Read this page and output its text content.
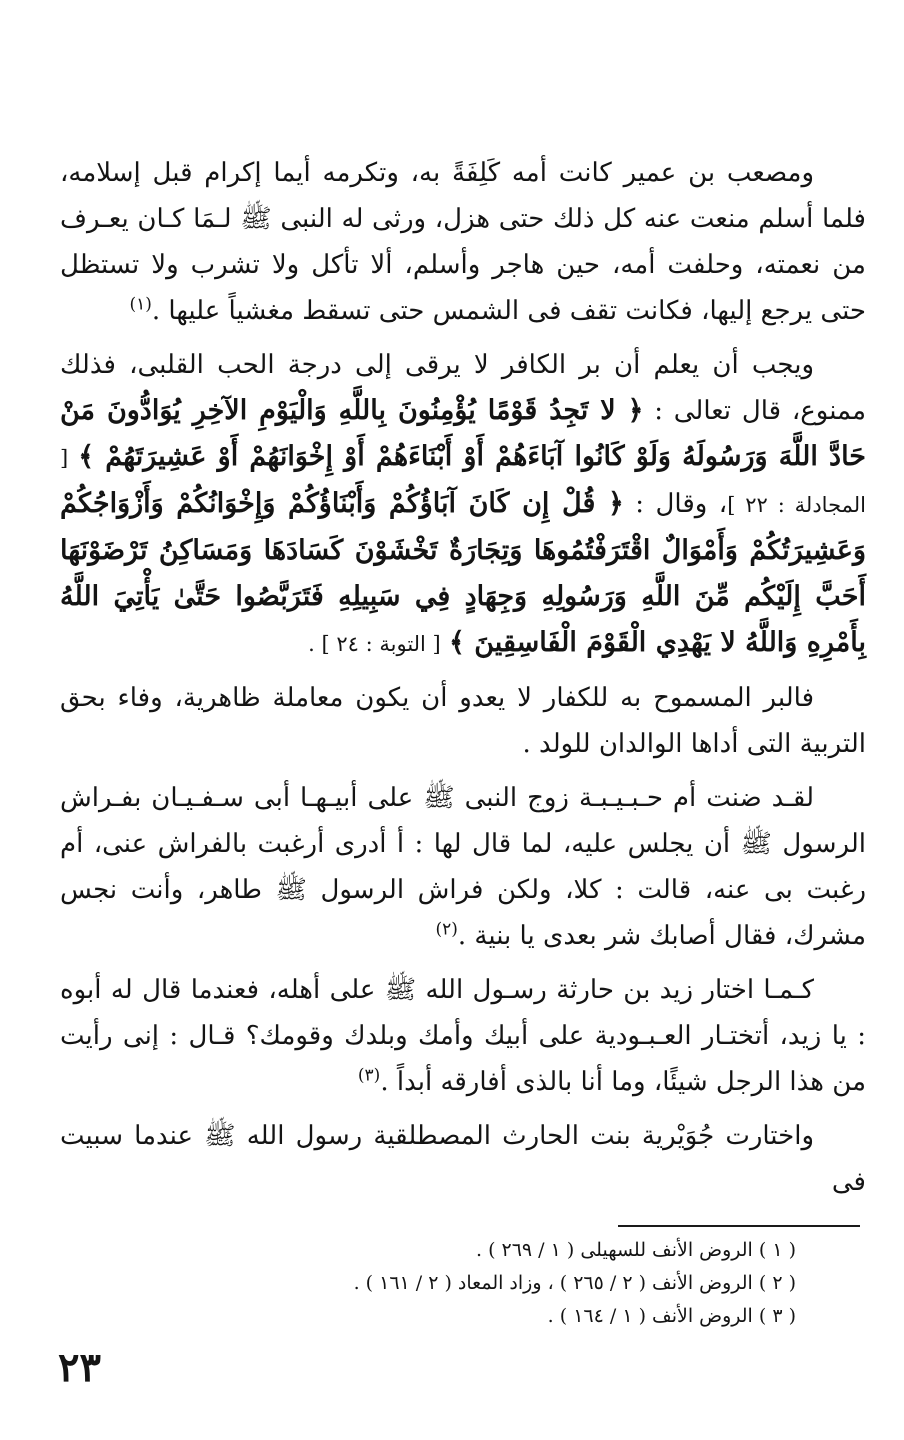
ومصعب بن عمير كانت أمه كَلِفَةً به، وتكرمه أيما إكرام قبل إسلامه، فلما أسلم منعت عنه كل ذلك حتى هزل، ورثى له النبى ﷺ لـمَا كـان يعـرف من نعمته، وحلفت أمه، حين هاجر وأسلم، ألا تأكل ولا تشرب ولا تستظل حتى يرجع إليها، فكانت تقف فى الشمس حتى تسقط مغشياً عليها .$^{(١)}$

ويجب أن يعلم أن بر الكافر لا يرقى إلى درجة الحب القلبى، فذلك ممنوع، قال تعالى : ﴿ لا تَجِدُ قَوْمًا يُؤْمِنُونَ بِاللَّهِ وَالْيَوْمِ الآخِرِ يُوَادُّونَ مَنْ حَادَّ اللَّهَ وَرَسُولَهُ وَلَوْ كَانُوا آبَاءَهُمْ أَوْ أَبْنَاءَهُمْ أَوْ إِخْوَانَهُمْ أَوْ عَشِيرَتَهُمْ ﴾ [ المجادلة : ٢٢ ]، وقال : ﴿ قُلْ إِن كَانَ آبَاؤُكُمْ وَأَبْنَاؤُكُمْ وَإِخْوَانُكُمْ وَأَزْوَاجُكُمْ وَعَشِيرَتُكُمْ وَأَمْوَالٌ اقْتَرَفْتُمُوهَا وَتِجَارَةٌ تَخْشَوْنَ كَسَادَهَا وَمَسَاكِنُ تَرْضَوْنَهَا أَحَبَّ إِلَيْكُم مِّنَ اللَّهِ وَرَسُولِهِ وَجِهَادٍ فِي سَبِيلِهِ فَتَرَبَّصُوا حَتَّىٰ يَأْتِيَ اللَّهُ بِأَمْرِهِ وَاللَّهُ لا يَهْدِي الْقَوْمَ الْفَاسِقِينَ ﴾ [ التوبة : ٢٤ ] .

فالبر المسموح به للكفار لا يعدو أن يكون معاملة ظاهرية، وفاء بحق التربية التى أداها الوالدان للولد .

لقـد ضنت أم حـبـيـبـة زوج النبى ﷺ على أبيـهـا أبى سـفـيـان بفـراش الرسول ﷺ أن يجلس عليه، لما قال لها : أ أدرى أرغبت بالفراش عنى، أم رغبت بى عنه، قالت : كلا، ولكن فراش الرسول ﷺ طاهر، وأنت نجس مشرك، فقال أصابك شر بعدى يا بنية .$^{(٢)}$

كـمـا اختار زيد بن حارثة رسـول الله ﷺ على أهله، فعندما قال له أبوه : يا زيد، أتختـار العـبـودية على أبيك وأمك وبلدك وقومك؟ قـال : إنى رأيت من هذا الرجل شيئًا، وما أنا بالذى أفارقه أبداً .$^{(٣)}$

واختارت جُوَيْرية بنت الحارث المصطلقية رسول الله ﷺ عندما سبيت فى

( ١ ) الروض الأنف للسهيلى ( ١ / ٢٦٩ ) .

( ٢ ) الروض الأنف ( ٢ / ٢٦٥ ) ، وزاد المعاد ( ٢ / ١٦١ ) .

( ٣ ) الروض الأنف ( ١ / ١٦٤ ) .

٢٣
